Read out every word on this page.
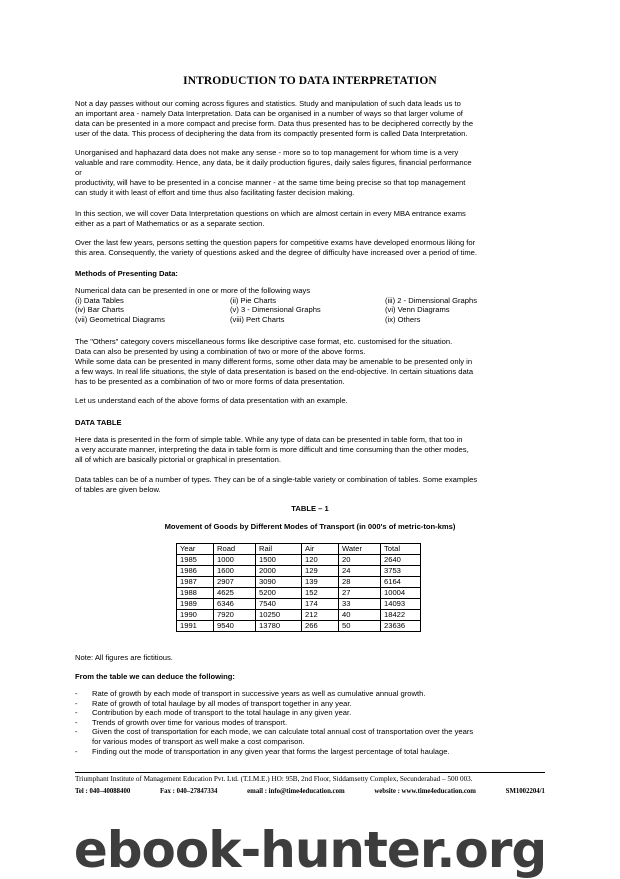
INTRODUCTION TO DATA INTERPRETATION

Not a day passes without our coming across figures and statistics. Study and manipulation of such data leads us to
an important area - namely Data Interpretation. Data can be organised in a number of ways so that larger volume of
data can be presented in a more compact and precise form. Data thus presented has to be deciphered correctly by the
user of the data. This process of deciphering the data from its compactly presented form is called Data Interpretation.

Unorganised and haphazard data does not make any sense - more so to top management for whom time is a very
valuable and rare commodity. Hence, any data, be it daily production figures, daily sales figures, financial performance
or
productivity, will have to be presented in a concise manner - at the same time being precise so that top management
can study it with least of effort and time thus also facilitating faster decision making.

In this section, we will cover Data Interpretation questions on which are almost certain in every MBA entrance exams
either as a part of Mathematics or as a separate section.

Over the last few years, persons setting the question papers for competitive exams have developed enormous liking for
this area. Consequently, the variety of questions asked and the degree of difficulty have increased over a period of time.

Methods of Presenting Data:
Numerical data can be presented in one or more of the following ways
(i) Data Tables	(ii) Pie Charts	(iii) 2 - Dimensional Graphs
(iv) Bar Charts	(v) 3 - Dimensional Graphs	(vi) Venn Diagrams
(vii) Geometrical Diagrams	(viii) Pert Charts	(ix) Others

The "Others" category covers miscellaneous forms like descriptive case format, etc. customised for the situation.
Data can also be presented by using a combination of two or more of the above forms.
While some data can be presented in many different forms, some other data may be amenable to be presented only in
a few ways. In real life situations, the style of data presentation is based on the end-objective. In certain situations data
has to be presented as a combination of two or more forms of data presentation.

Let us understand each of the above forms of data presentation with an example.

DATA TABLE

Here data is presented in the form of simple table. While any type of data can be presented in table form, that too in
a very accurate manner, interpreting the data in table form is more difficult and time consuming than the other modes,
all of which are basically pictorial or graphical in presentation.

Data tables can be of a number of types. They can be of a single-table variety or combination of tables. Some examples
of tables are given below.

TABLE – 1
Movement of Goods by Different Modes of Transport (in 000's of metric-ton-kms)
Year	Road	Rail	Air	Water	Total
1985	1000	1500	120	20	2640
1986	1600	2000	129	24	3753
1987	2907	3090	139	28	6164
1988	4625	5200	152	27	10004
1989	6346	7540	174	33	14093
1990	7920	10250	212	40	18422
1991	9540	13780	266	50	23636

Note: All figures are fictitious.

From the table we can deduce the following:
- Rate of growth by each mode of transport in successive years as well as cumulative annual growth.
- Rate of growth of total haulage by all modes of transport together in any year.
- Contribution by each mode of transport to the total haulage in any given year.
- Trends of growth over time for various modes of transport.
- Given the cost of transportation for each mode, we can calculate total annual cost of transportation over the years
for various modes of transport as well make a cost comparison.
- Finding out the mode of transportation in any given year that forms the largest percentage of total haulage.
Triumphant Institute of Management Education Pvt. Ltd. (T.I.M.E.) HO: 95B, 2nd Floor, Siddamsetty Complex, Secunderabad – 500 003.
Tel : 040–40088400	Fax : 040–27847334	email : info@time4education.com	website : www.time4education.com	SM1002204/1
ebook-hunter.org
